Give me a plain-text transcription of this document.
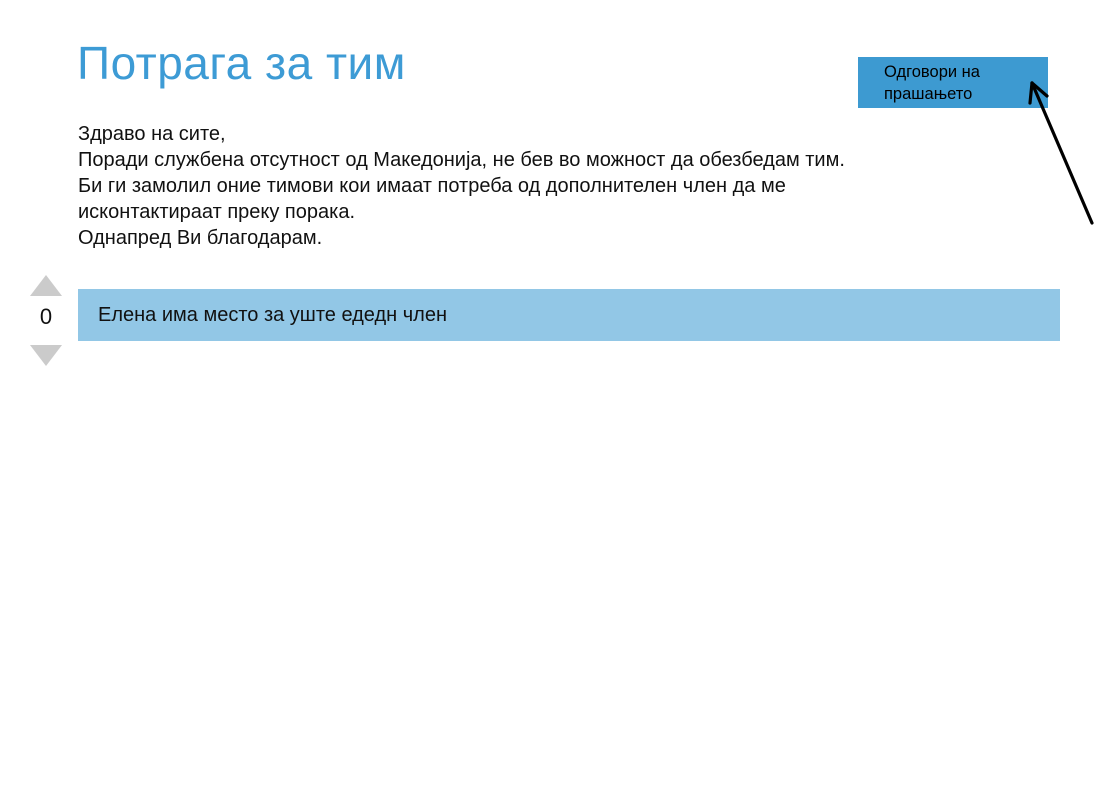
Потрага за тим	Одговори на прашањето
Здраво на сите,
Поради службена отсутност од Македонија, не бев во можност да обезбедам тим.
Би ги замолил оние тимови кои имаат потреба од дополнителен член да ме
исконтактираат преку порака.
Однапред Ви благодарам.
0	Елена има место за уште едедн член
